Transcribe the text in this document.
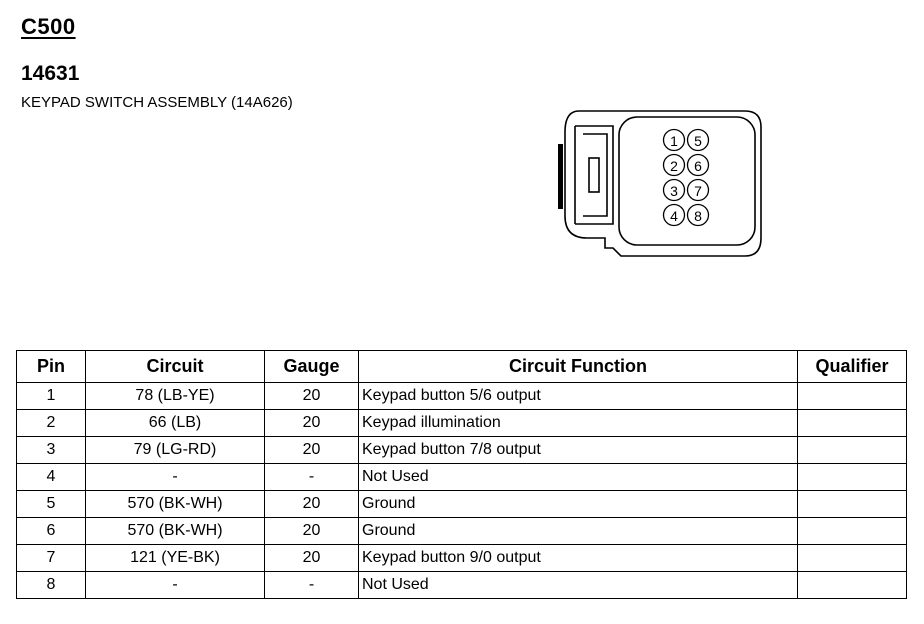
C500
14631
KEYPAD SWITCH ASSEMBLY (14A626)
1
2
3
4
5
6
7
8
Pin	Circuit	Gauge	Circuit Function	Qualifier
1	78 (LB-YE)	20	Keypad button 5/6 output	
2	66 (LB)	20	Keypad illumination	
3	79 (LG-RD)	20	Keypad button 7/8 output	
4	-	-	Not Used	
5	570 (BK-WH)	20	Ground	
6	570 (BK-WH)	20	Ground	
7	121 (YE-BK)	20	Keypad button 9/0 output	
8	-	-	Not Used	
